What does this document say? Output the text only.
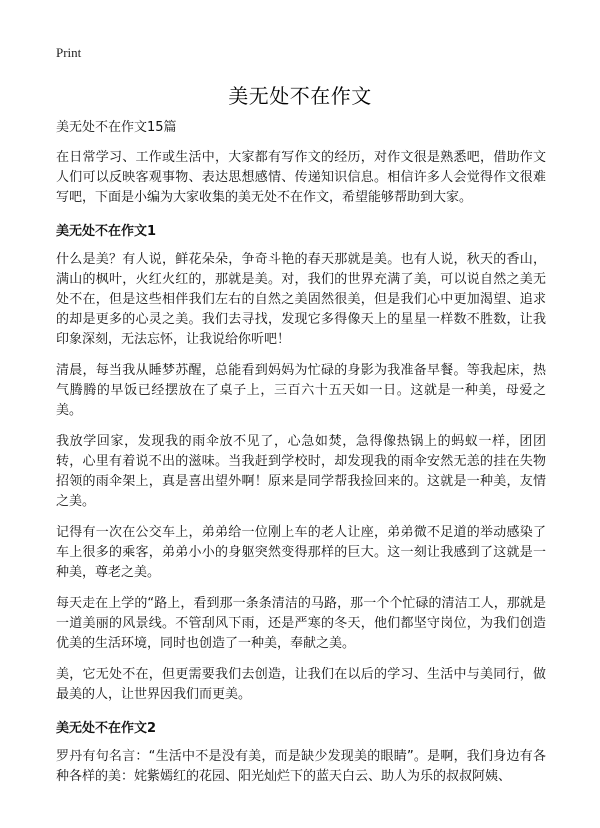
Print
美无处不在作文

美无处不在作文15篇

在日常学习、工作或生活中，大家都有写作文的经历，对作文很是熟悉吧，借助作文人们可以反映客观事物、表达思想感情、传递知识信息。相信许多人会觉得作文很难写吧，下面是小编为大家收集的美无处不在作文，希望能够帮助到大家。

美无处不在作文1

什么是美？有人说，鲜花朵朵，争奇斗艳的春天那就是美。也有人说，秋天的香山，满山的枫叶，火红火红的，那就是美。对，我们的世界充满了美，可以说自然之美无处不在，但是这些相伴我们左右的自然之美固然很美，但是我们心中更加渴望、追求的却是更多的心灵之美。我们去寻找，发现它多得像天上的星星一样数不胜数，让我印象深刻，无法忘怀，让我说给你听吧！

清晨，每当我从睡梦苏醒，总能看到妈妈为忙碌的身影为我准备早餐。等我起床，热气腾腾的早饭已经摆放在了桌子上，三百六十五天如一日。这就是一种美，母爱之美。

我放学回家，发现我的雨伞放不见了，心急如焚，急得像热锅上的蚂蚁一样，团团转，心里有着说不出的滋味。当我赶到学校时，却发现我的雨伞安然无恙的挂在失物招领的雨伞架上，真是喜出望外啊！原来是同学帮我捡回来的。这就是一种美，友情之美。

记得有一次在公交车上，弟弟给一位刚上车的老人让座，弟弟微不足道的举动感染了车上很多的乘客，弟弟小小的身躯突然变得那样的巨大。这一刻让我感到了这就是一种美，尊老之美。

每天走在上学的“路上，看到那一条条清洁的马路，那一个个忙碌的清洁工人，那就是一道美丽的风景线。不管刮风下雨，还是严寒的冬天，他们都坚守岗位，为我们创造优美的生活环境，同时也创造了一种美，奉献之美。

美，它无处不在，但更需要我们去创造，让我们在以后的学习、生活中与美同行，做最美的人，让世界因我们而更美。

美无处不在作文2

罗丹有句名言：“生活中不是没有美，而是缺少发现美的眼睛”。是啊，我们身边有各种各样的美：姹紫嫣红的花园、阳光灿烂下的蓝天白云、助人为乐的叔叔阿姨、
